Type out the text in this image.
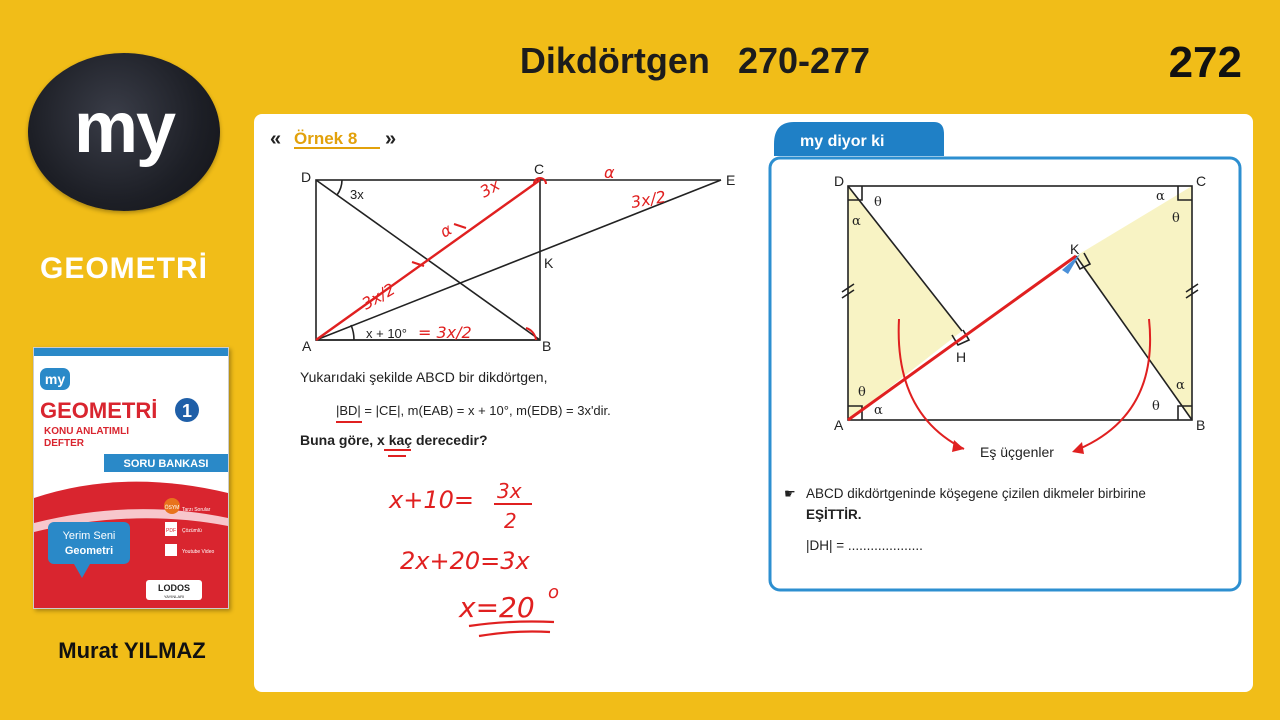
Dikdörtgen 270-277	272
my
GEOMETRİ
my
GEOMETRİ 1
KONU ANLATIMLI
DEFTER
SORU BANKASI
Yerim Seni
Geometri
ÖSYM Tarzı Sorular
PDF Çözümlü
Youtube Video
LODOS
YAYINLARI
Murat YILMAZ
« Örnek 8 »
D	C
E
K
A	B
3x
x + 10°
3x
α
3x/2
α
3x/2
= 3x/2
Yukarıdaki şekilde ABCD bir dikdörtgen,
|BD| = |CE|, m(EAB) = x + 10°, m(EDB) = 3x'dir.
Buna göre, x kaç derecedir?
x+10= 3x
2
2x+20=3x
x=20 o
my diyor ki
Eş üçgenler
D	C
K
H
A	B
α
θ	α
θ
θ
α
α
θ
☛ ABCD dikdörtgeninde köşegene çizilen dikmeler birbirine
EŞİTTİR.
|DH| = ....................
